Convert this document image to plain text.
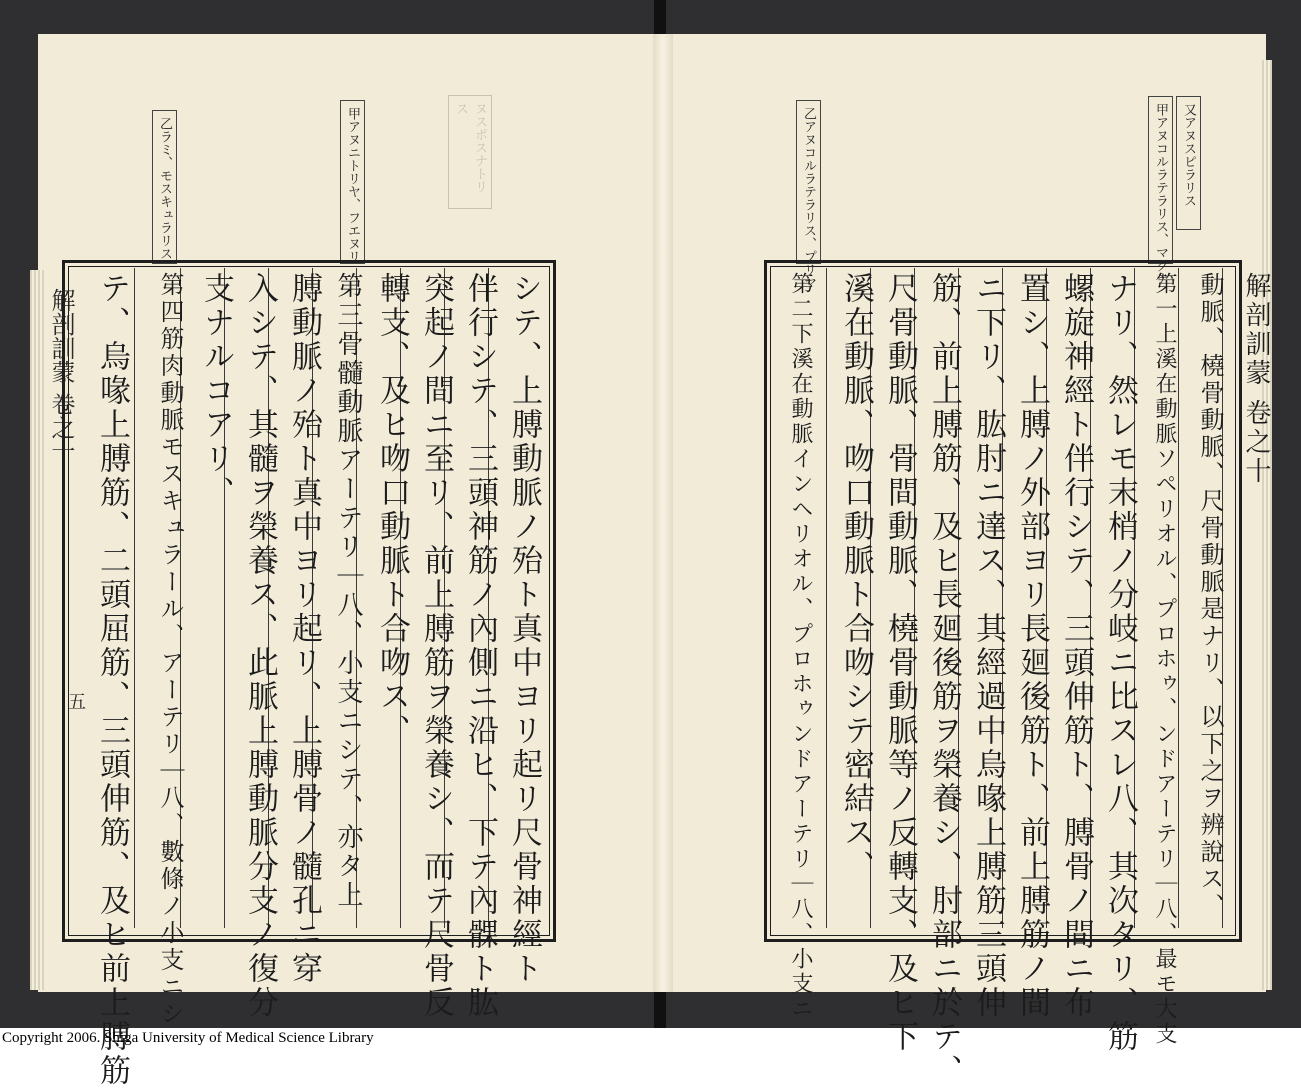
解剖訓蒙 卷之十
五
乙ラミ、モスキュラリス	甲アヌニトリヤ、フエヌリ	ヌスポスナトリス
シテ、上膊動脈ノ殆ト真中ヨリ起リ尺骨神經ト
伴行シテ、三頭神筋ノ內側ニ沿ヒ、下テ內髁ト肱
突起ノ間ニ至リ、前上膊筋ヲ榮養シ、而テ尺骨反
轉支、及ヒ吻口動脈ト合吻ス、
第三骨髓動脈アーテリ｜八、小支ニシテ、亦タ上
膊動脈ノ殆ト真中ヨリ起リ、上膊骨ノ髓孔ニ穿
入シテ、其髓ヲ榮養ス、此脈上膊動脈分支ノ復分
支ナルコアリ、
第四筋肉動脈モスキュラール、アーテリ｜八、數條ノ小支ニシ
テ、烏喙上膊筋、二頭屈筋、三頭伸筋、及ヒ前上膊筋
乙アヌコルラテラリス、プリマ	甲アヌコルラテラリス、マグナ	又アヌスピラリス
解剖訓蒙 卷之十
動脈、橈骨動脈、尺骨動脈是ナリ、以下之ヲ辨說ス、
第一上溪在動脈ソペリオル、プロホゥ、ンドアーテリ｜八、最モ大支
ナリ、然レモ末梢ノ分岐ニ比スレ八、其次タリ、筋
螺旋神經ト伴行シテ、三頭伸筋ト、膊骨ノ間ニ布
置シ、上膊ノ外部ヨリ長廻後筋ト、前上膊筋ノ間
ニ下リ、肱肘ニ達ス、其經過中烏喙上膊筋三頭伸
筋、前上膊筋、及ヒ長廻後筋ヲ榮養シ、肘部ニ於テ、
尺骨動脈、骨間動脈、橈骨動脈等ノ反轉支、及ヒ下
溪在動脈、吻口動脈ト合吻シテ密結ス、
第二下溪在動脈インヘリオル、プロホゥンドアーテリ｜八、小支ニ
Copyright 2006. Shiga University of Medical Science Library
